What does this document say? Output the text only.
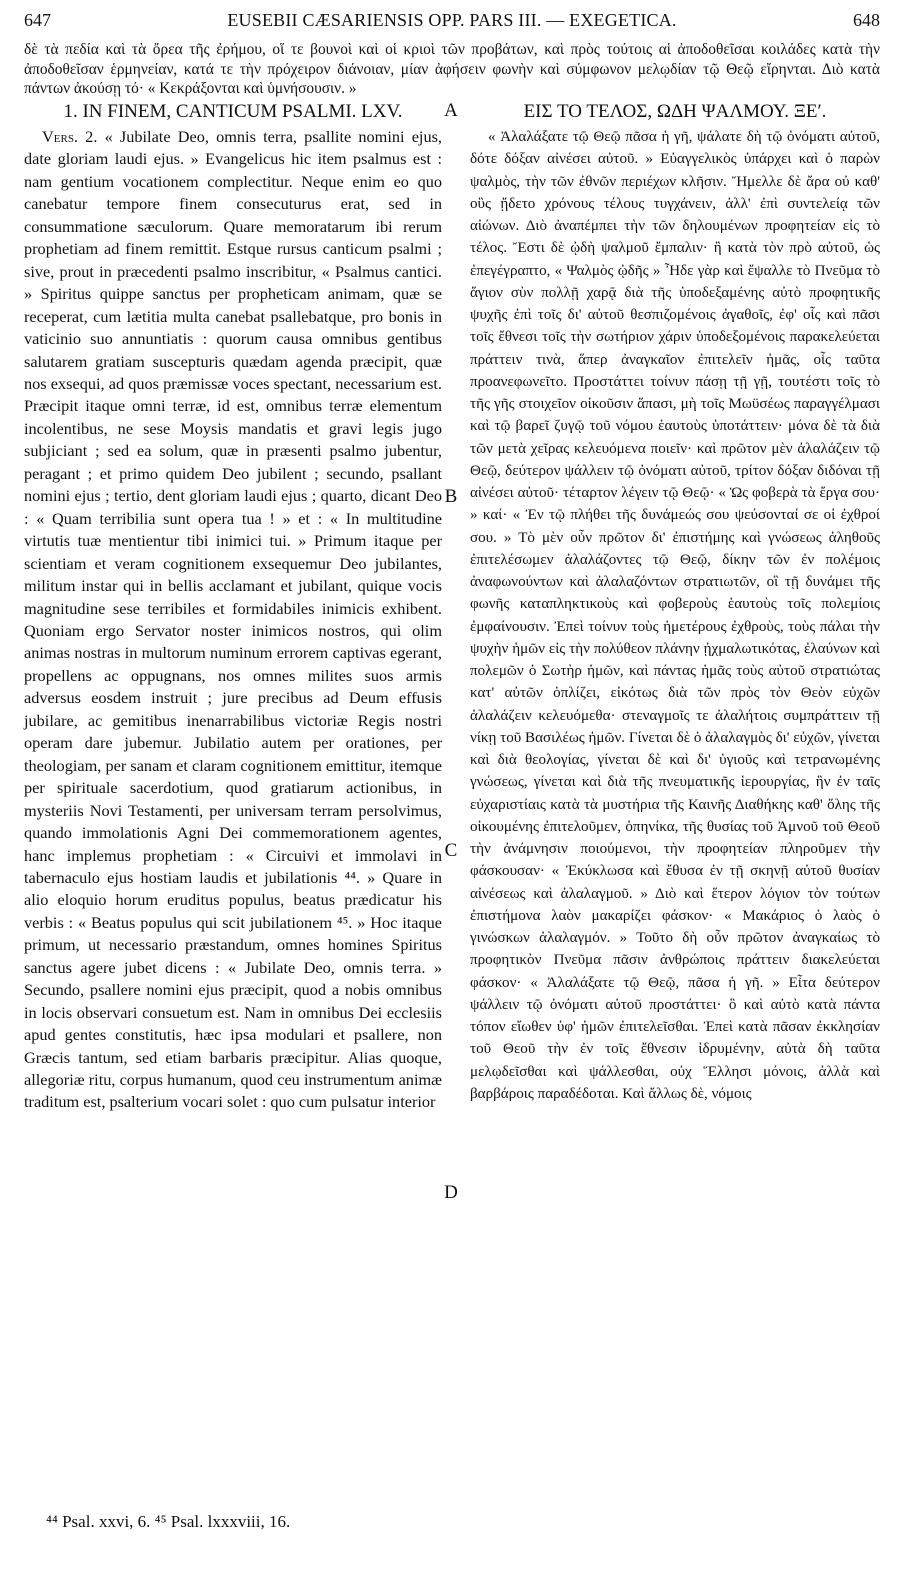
647	EUSEBII CÆSARIENSIS OPP. PARS III. — EXEGETICA.	648
δὲ τὰ πεδία καὶ τὰ ὄρεα τῆς ἐρήμου, οἵ τε βουνοὶ καὶ οἱ κριοὶ τῶν προβάτων, καὶ πρὸς τούτοις αἱ ἀποδοθεῖσαι κοιλάδες κατὰ τὴν ἀποδοθεῖσαν ἑρμηνείαν, κατά τε τὴν πρόχειρον διάνοιαν, μίαν ἀφήσειν φωνὴν καὶ σύμφωνον μελῳδίαν τῷ Θεῷ εἴρηνται. Διὸ κατὰ πάντων ἀκούσῃ τό· « Κεκράξονται καὶ ὑμνήσουσιν. »
1. IN FINEM, CANTICUM PSALMI. LXV.

Vers. 2. « Jubilate Deo, omnis terra, psallite nomini ejus, date gloriam laudi ejus. » Evangelicus hic item psalmus est : nam gentium vocationem complectitur. Neque enim eo quo canebatur tempore finem consecuturus erat, sed in consummatione sæculorum. Quare memoratarum ibi rerum prophetiam ad finem remittit. Estque rursus canticum psalmi ; sive, prout in præcedenti psalmo inscribitur, « Psalmus cantici. » Spiritus quippe sanctus per propheticam animam, quæ se receperat, cum lætitia multa canebat psallebatque, pro bonis in vaticinio suo annuntiatis : quorum causa omnibus gentibus salutarem gratiam suscepturis quædam agenda præcipit, quæ nos exsequi, ad quos præmissæ voces spectant, necessarium est. Præcipit itaque omni terræ, id est, omnibus terræ elementum incolentibus, ne sese Moysis mandatis et gravi legis jugo subjiciant ; sed ea solum, quæ in præsenti psalmo jubentur, peragant ; et primo quidem Deo jubilent ; secundo, psallant nomini ejus ; tertio, dent gloriam laudi ejus ; quarto, dicant Deo : « Quam terribilia sunt opera tua ! » et : « In multitudine virtutis tuæ mentientur tibi inimici tui. » Primum itaque per scientiam et veram cognitionem exsequemur Deo jubilantes, militum instar qui in bellis acclamant et jubilant, quique vocis magnitudine sese terribiles et formidabiles inimicis exhibent. Quoniam ergo Servator noster inimicos nostros, qui olim animas nostras in multorum numinum errorem captivas egerant, propellens ac oppugnans, nos omnes milites suos armis adversus eosdem instruit ; jure precibus ad Deum effusis jubilare, ac gemitibus inenarrabilibus victoriæ Regis nostri operam dare jubemur. Jubilatio autem per orationes, per theologiam, per sanam et claram cognitionem emittitur, itemque per spirituale sacerdotium, quod gratiarum actionibus, in mysteriis Novi Testamenti, per universam terram persolvimus, quando immolationis Agni Dei commemorationem agentes, hanc implemus prophetiam : « Circuivi et immolavi in tabernaculo ejus hostiam laudis et jubilationis ⁴⁴. » Quare in alio eloquio horum eruditus populus, beatus prædicatur his verbis : « Beatus populus qui scit jubilationem ⁴⁵. » Hoc itaque primum, ut necessario præstandum, omnes homines Spiritus sanctus agere jubet dicens : « Jubilate Deo, omnis terra. » Secundo, psallere nomini ejus præcipit, quod a nobis omnibus in locis observari consuetum est. Nam in omnibus Dei ecclesiis apud gentes constitutis, hæc ipsa modulari et psallere, non Græcis tantum, sed etiam barbaris præcipitur. Alias quoque, allegoriæ ritu, corpus humanum, quod ceu instrumentum animæ traditum est, psalterium vocari solet : quo cum pulsatur interior

A
B
C
D
ΕΙΣ ΤΟ ΤΕΛΟΣ, ΩΔΗ ΨΑΛΜΟΥ. ΞΕʹ.

« Ἀλαλάξατε τῷ Θεῷ πᾶσα ἡ γῆ, ψάλατε δὴ τῷ ὀνόματι αὐτοῦ, δότε δόξαν αἰνέσει αὐτοῦ. » Εὐαγγελικὸς ὑπάρχει καὶ ὁ παρὼν ψαλμὸς, τὴν τῶν ἐθνῶν περιέχων κλῆσιν. Ἤμελλε δὲ ἄρα οὐ καθ' οὓς ᾔδετο χρόνους τέλους τυγχάνειν, ἀλλ' ἐπὶ συντελείᾳ τῶν αἰώνων. Διὸ ἀναπέμπει τὴν τῶν δηλουμένων προφητείαν εἰς τὸ τέλος. Ἔστι δὲ ᾠδὴ ψαλμοῦ ἔμπαλιν· ἢ κατὰ τὸν πρὸ αὐτοῦ, ὡς ἐπεγέγραπτο, « Ψαλμὸς ᾠδῆς » Ἦδε γὰρ καὶ ἔψαλλε τὸ Πνεῦμα τὸ ἅγιον σὺν πολλῇ χαρᾷ διὰ τῆς ὑποδεξαμένης αὐτὸ προφητικῆς ψυχῆς ἐπὶ τοῖς δι' αὐτοῦ θεσπιζομένοις ἀγαθοῖς, ἐφ' οἷς καὶ πᾶσι τοῖς ἔθνεσι τοῖς τὴν σωτήριον χάριν ὑποδεξομένοις παρακελεύεται πράττειν τινὰ, ἅπερ ἀναγκαῖον ἐπιτελεῖν ἡμᾶς, οἷς ταῦτα προανεφωνεῖτο. Προστάττει τοίνυν πάσῃ τῇ γῇ, τουτέστι τοῖς τὸ τῆς γῆς στοιχεῖον οἰκοῦσιν ἅπασι, μὴ τοῖς Μωϋσέως παραγγέλμασι καὶ τῷ βαρεῖ ζυγῷ τοῦ νόμου ἑαυτοὺς ὑποτάττειν· μόνα δὲ τὰ διὰ τῶν μετὰ χεῖρας κελευόμενα ποιεῖν· καὶ πρῶτον μὲν ἀλαλάζειν τῷ Θεῷ, δεύτερον ψάλλειν τῷ ὀνόματι αὐτοῦ, τρίτον δόξαν διδόναι τῇ αἰνέσει αὐτοῦ· τέταρτον λέγειν τῷ Θεῷ· « Ὡς φοβερὰ τὰ ἔργα σου· » καί· « Ἐν τῷ πλήθει τῆς δυνάμεώς σου ψεύσονταί σε οἱ ἐχθροί σου. » Τὸ μὲν οὖν πρῶτον δι' ἐπιστήμης καὶ γνώσεως ἀληθοῦς ἐπιτελέσωμεν ἀλαλάζοντες τῷ Θεῷ, δίκην τῶν ἐν πολέμοις ἀναφωνούντων καὶ ἀλαλαζόντων στρατιωτῶν, οἳ τῇ δυνάμει τῆς φωνῆς καταπληκτικοὺς καὶ φοβεροὺς ἑαυτοὺς τοῖς πολεμίοις ἐμφαίνουσιν. Ἐπεὶ τοίνυν τοὺς ἡμετέρους ἐχθροὺς, τοὺς πάλαι τὴν ψυχὴν ἡμῶν εἰς τὴν πολύθεον πλάνην ᾐχμαλωτικότας, ἐλαύνων καὶ πολεμῶν ὁ Σωτὴρ ἡμῶν, καὶ πάντας ἡμᾶς τοὺς αὐτοῦ στρατιώτας κατ' αὐτῶν ὁπλίζει, εἰκότως διὰ τῶν πρὸς τὸν Θεὸν εὐχῶν ἀλαλάζειν κελευόμεθα· στεναγμοῖς τε ἀλαλήτοις συμπράττειν τῇ νίκῃ τοῦ Βασιλέως ἡμῶν. Γίνεται δὲ ὁ ἀλαλαγμὸς δι' εὐχῶν, γίνεται καὶ διὰ θεολογίας, γίνεται δὲ καὶ δι' ὑγιοῦς καὶ τετρανωμένης γνώσεως, γίνεται καὶ διὰ τῆς πνευματικῆς ἱερουργίας, ἣν ἐν ταῖς εὐχαριστίαις κατὰ τὰ μυστήρια τῆς Καινῆς Διαθήκης καθ' ὅλης τῆς οἰκουμένης ἐπιτελοῦμεν, ὁπηνίκα, τῆς θυσίας τοῦ Ἀμνοῦ τοῦ Θεοῦ τὴν ἀνάμνησιν ποιούμενοι, τὴν προφητείαν πληροῦμεν τὴν φάσκουσαν· « Ἐκύκλωσα καὶ ἔθυσα ἐν τῇ σκηνῇ αὐτοῦ θυσίαν αἰνέσεως καὶ ἀλαλαγμοῦ. » Διὸ καὶ ἕτερον λόγιον τὸν τούτων ἐπιστήμονα λαὸν μακαρίζει φάσκον· « Μακάριος ὁ λαὸς ὁ γινώσκων ἀλαλαγμόν. » Τοῦτο δὴ οὖν πρῶτον ἀναγκαίως τὸ προφητικὸν Πνεῦμα πᾶσιν ἀνθρώποις πράττειν διακελεύεται φάσκον· « Ἀλαλάξατε τῷ Θεῷ, πᾶσα ἡ γῆ. » Εἶτα δεύτερον ψάλλειν τῷ ὀνόματι αὐτοῦ προστάττει· ὃ καὶ αὐτὸ κατὰ πάντα τόπον εἴωθεν ὑφ' ἡμῶν ἐπιτελεῖσθαι. Ἐπεὶ κατὰ πᾶσαν ἐκκλησίαν τοῦ Θεοῦ τὴν ἐν τοῖς ἔθνεσιν ἱδρυμένην, αὐτὰ δὴ ταῦτα μελῳδεῖσθαι καὶ ψάλλεσθαι, οὐχ Ἕλλησι μόνοις, ἀλλὰ καὶ βαρβάροις παραδέδοται. Καὶ ἄλλως δὲ, νόμοις

⁴⁴ Psal. xxvi, 6. ⁴⁵ Psal. lxxxviii, 16.
